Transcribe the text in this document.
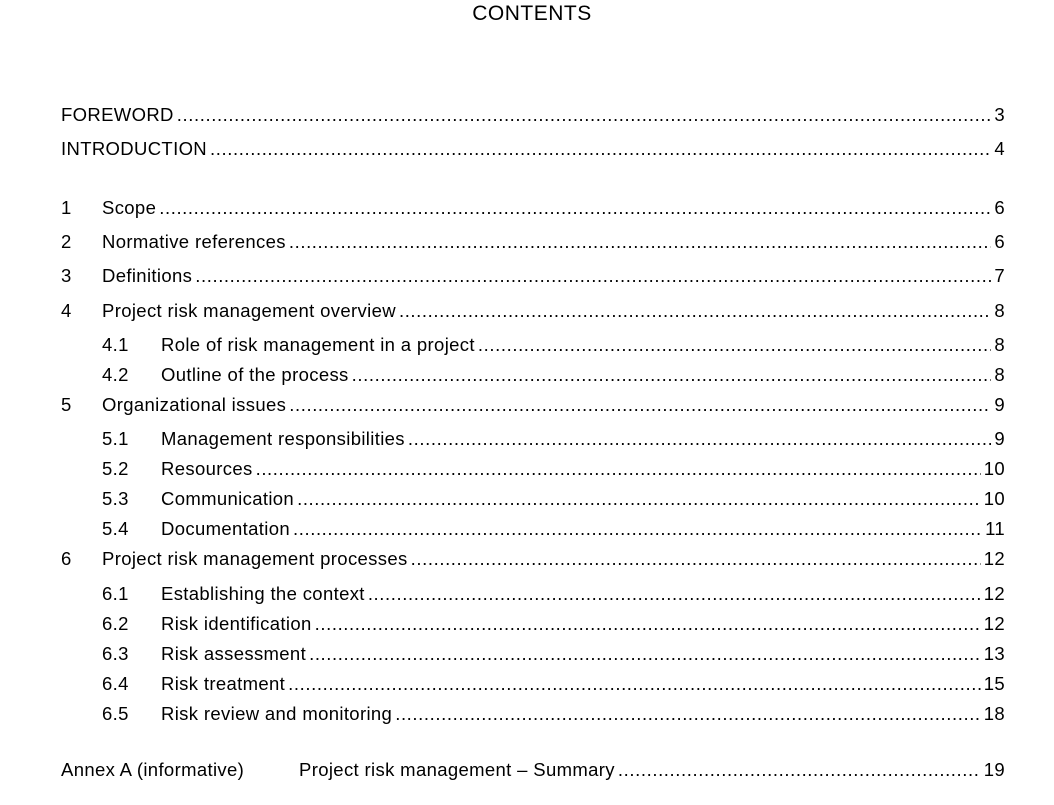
CONTENTS
FOREWORD .....	3
INTRODUCTION .....	4
1	Scope .....	6
2	Normative references .....	6
3	Definitions .....	7
4	Project risk management overview .....	8
4.1	Role of risk management in a project .....	8
4.2	Outline of the process .....	8
5	Organizational issues .....	9
5.1	Management responsibilities .....	9
5.2	Resources .....	10
5.3	Communication .....	10
5.4	Documentation .....	11
6	Project risk management processes .....	12
6.1	Establishing the context .....	12
6.2	Risk identification .....	12
6.3	Risk assessment .....	13
6.4	Risk treatment .....	15
6.5	Risk review and monitoring .....	18
Annex A (informative)	Project risk management – Summary .....	19
